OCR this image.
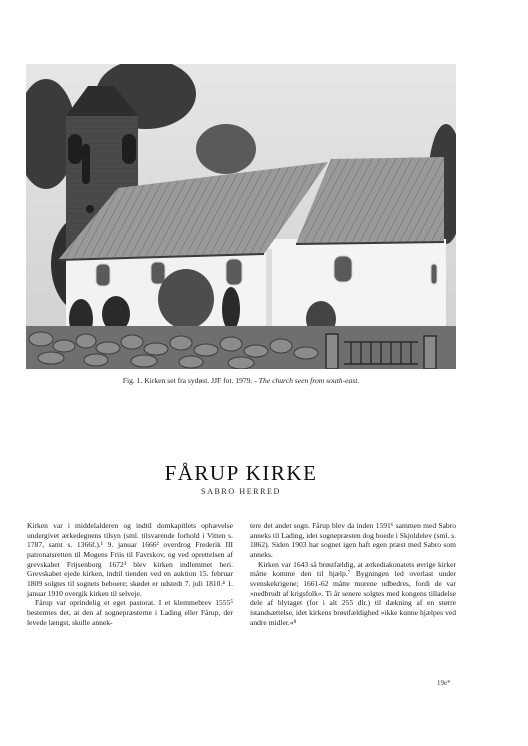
Fig. 1. Kirken set fra sydøst. JJF fot. 1979. - The church seen from south-east.
FÅRUP KIRKE
SABRO HERRED

Kirken var i middelalderen og indtil domkapitlets ophævelse undergivet ærkedegnens tilsyn (sml. tilsvarende forhold i Vitten s. 1787, samt s. 1366f.).¹ 9. januar 1666² overdrog Frederik III patronatsretten til Mogens Friis til Favrskov, og ved oprettelsen af grevskabet Frijsenborg 1672³ blev kirken indlemmet heri. Grevskabet ejede kirken, indtil tienden ved en auktion 15. februar 1809 solgtes til sognets beboere; skødet er udstedt 7. juli 1810.⁴ 1. januar 1910 overgik kirken til selveje.

Fårup var oprindelig et eget pastorat. I et klemmebrev 1555⁵ bestemtes det, at den af sognepræsterne i Lading eller Fårup, der levede længst, skulle annek-

tere det andet sogn. Fårup blev da inden 1591⁶ sammen med Sabro anneks til Lading, idet sognepræsten dog boede i Skjoldelev (sml. s. 1862). Siden 1903 har sognet igen haft egen præst med Sabro som anneks.

Kirken var 1643 så brøstfældig, at ærkediakonatets øvrige kirker måtte komme den til hjælp.⁷ Bygningen led overlast under svenskekrigene; 1661-62 måtte murene udbedres, fordi de var »nedbrudt af krigsfolk«. Ti år senere solgtes med kongens tilladelse dele af blytaget (for i alt 255 dlr.) til dækning af en større istandsættelse, idet kirkens brøstfældighed »ikke kunne hjælpes ved andre midler.«⁸

19e*
